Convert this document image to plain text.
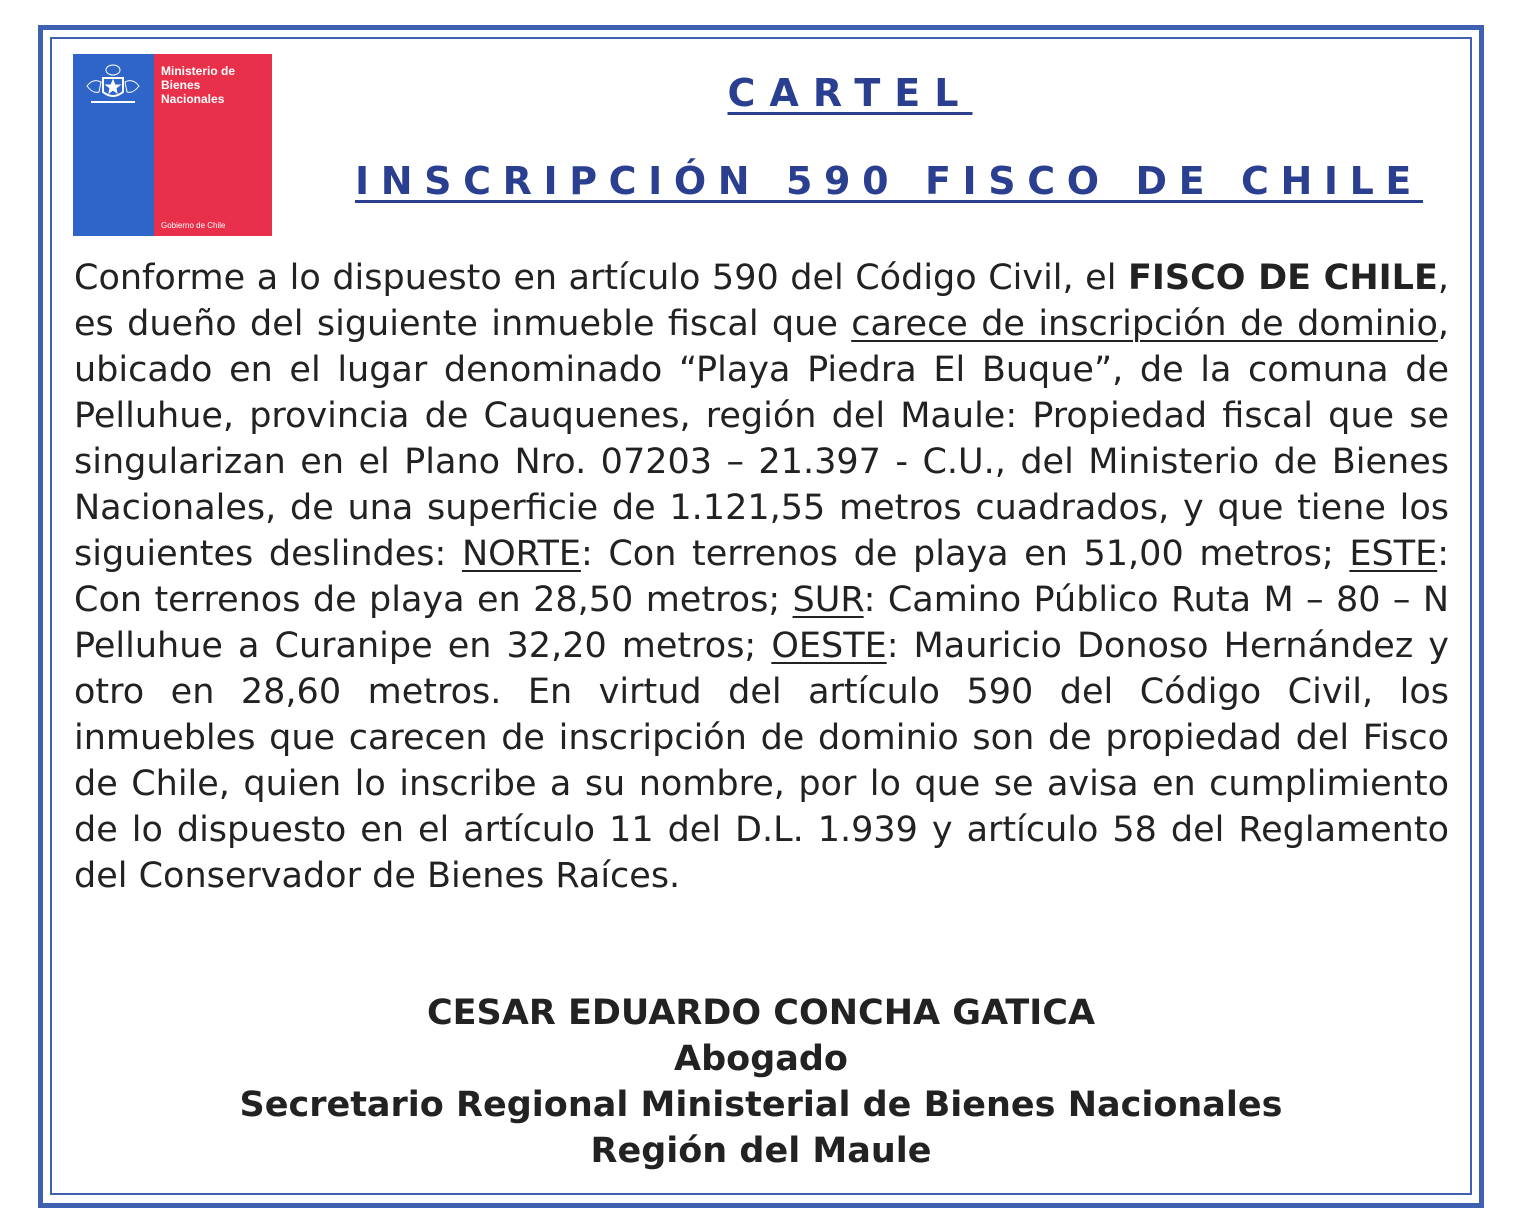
Ministerio de
Bienes
Nacionales
Gobierno de Chile
CARTEL
INSCRIPCIÓN 590 FISCO DE CHILE
Conforme a lo dispuesto en artículo 590 del Código Civil, el FISCO DE CHILE, es dueño del siguiente inmueble fiscal que carece de inscripción de dominio, ubicado en el lugar denominado “Playa Piedra El Buque”, de la comuna de Pelluhue, provincia de Cauquenes, región del Maule: Propiedad fiscal que se singularizan en el Plano Nro. 07203 – 21.397 - C.U., del Ministerio de Bienes Nacionales, de una superficie de 1.121,55 metros cuadrados, y que tiene los siguientes deslindes: NORTE: Con terrenos de playa en 51,00 metros; ESTE: Con terrenos de playa en 28,50 metros; SUR: Camino Público Ruta M – 80 – N Pelluhue a Curanipe en 32,20 metros; OESTE: Mauricio Donoso Hernández y otro en 28,60 metros. En virtud del artículo 590 del Código Civil, los inmuebles que carecen de inscripción de dominio son de propiedad del Fisco de Chile, quien lo inscribe a su nombre, por lo que se avisa en cumplimiento de lo dispuesto en el artículo 11 del D.L. 1.939 y artículo 58 del Reglamento del Conservador de Bienes Raíces.
CESAR EDUARDO CONCHA GATICA
Abogado
Secretario Regional Ministerial de Bienes Nacionales
Región del Maule
